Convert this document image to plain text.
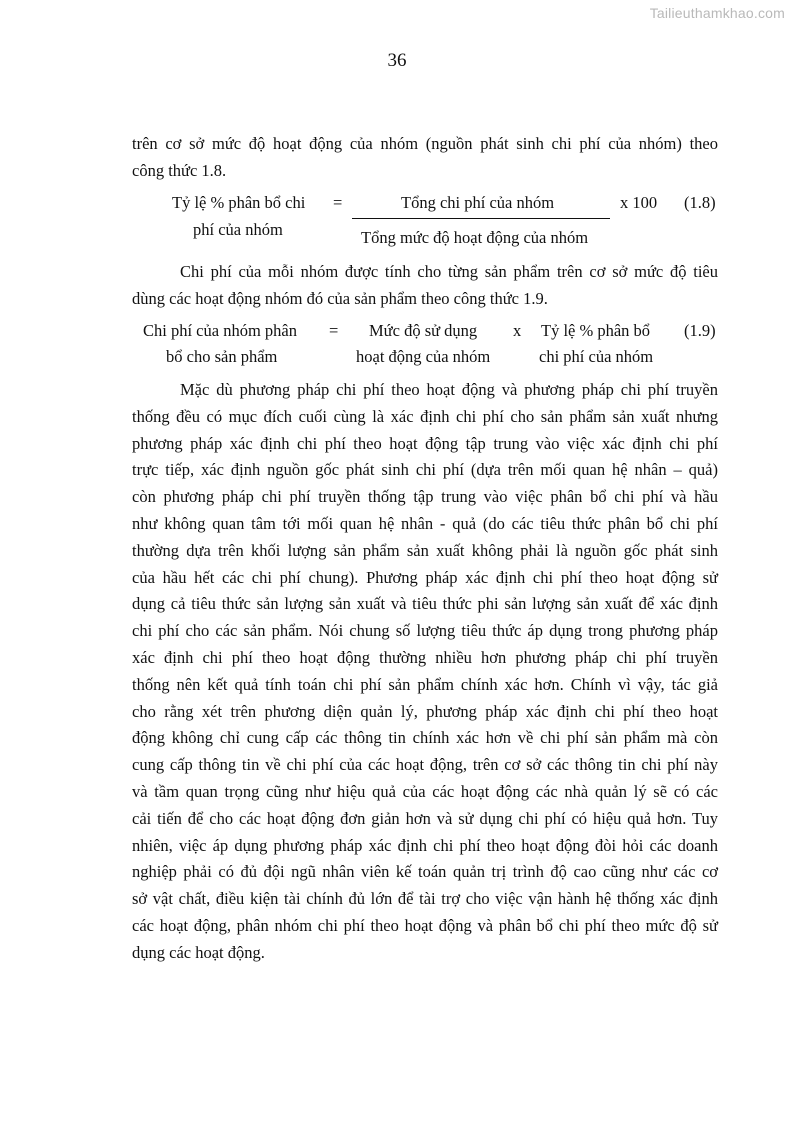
Tailieuthamkhao.com
36

trên cơ sở mức độ hoạt động của nhóm (nguồn phát sinh chi phí của nhóm) theo
công thức 1.8.

Tỷ lệ % phân bổ chi
phí của nhóm
=	Tổng chi phí của nhóm
Tổng mức độ hoạt động của nhóm
x 100 (1.8)

Chi phí của mỗi nhóm được tính cho từng sản phẩm trên cơ sở mức độ tiêu
dùng các hoạt động nhóm đó của sản phẩm theo công thức 1.9.

Chi phí của nhóm phân
bổ cho sản phẩm
= Mức độ sử dụng
hoạt động của nhóm
x Tỷ lệ % phân bổ
chi phí của nhóm
(1.9)

Mặc dù phương pháp chi phí theo hoạt động và phương pháp chi phí truyền
thống đều có mục đích cuối cùng là xác định chi phí cho sản phẩm sản xuất nhưng
phương pháp xác định chi phí theo hoạt động tập trung vào việc xác định chi phí
trực tiếp, xác định nguồn gốc phát sinh chi phí (dựa trên mối quan hệ nhân – quả)
còn phương pháp chi phí truyền thống tập trung vào việc phân bổ chi phí và hầu
như không quan tâm tới mối quan hệ nhân - quả (do các tiêu thức phân bổ chi phí
thường dựa trên khối lượng sản phẩm sản xuất không phải là nguồn gốc phát sinh
của hầu hết các chi phí chung). Phương pháp xác định chi phí theo hoạt động sử
dụng cả tiêu thức sản lượng sản xuất và tiêu thức phi sản lượng sản xuất để xác định
chi phí cho các sản phẩm. Nói chung số lượng tiêu thức áp dụng trong phương pháp
xác định chi phí theo hoạt động thường nhiều hơn phương pháp chi phí truyền
thống nên kết quả tính toán chi phí sản phẩm chính xác hơn. Chính vì vậy, tác giả
cho rằng xét trên phương diện quản lý, phương pháp xác định chi phí theo hoạt
động không chỉ cung cấp các thông tin chính xác hơn về chi phí sản phẩm mà còn
cung cấp thông tin về chi phí của các hoạt động, trên cơ sở các thông tin chi phí này
và tầm quan trọng cũng như hiệu quả của các hoạt động các nhà quản lý sẽ có các
cải tiến để cho các hoạt động đơn giản hơn và sử dụng chi phí có hiệu quả hơn. Tuy
nhiên, việc áp dụng phương pháp xác định chi phí theo hoạt động đòi hỏi các doanh
nghiệp phải có đủ đội ngũ nhân viên kế toán quản trị trình độ cao cũng như các cơ
sở vật chất, điều kiện tài chính đủ lớn để tài trợ cho việc vận hành hệ thống xác định
các hoạt động, phân nhóm chi phí theo hoạt động và phân bổ chi phí theo mức độ sử
dụng các hoạt động.
